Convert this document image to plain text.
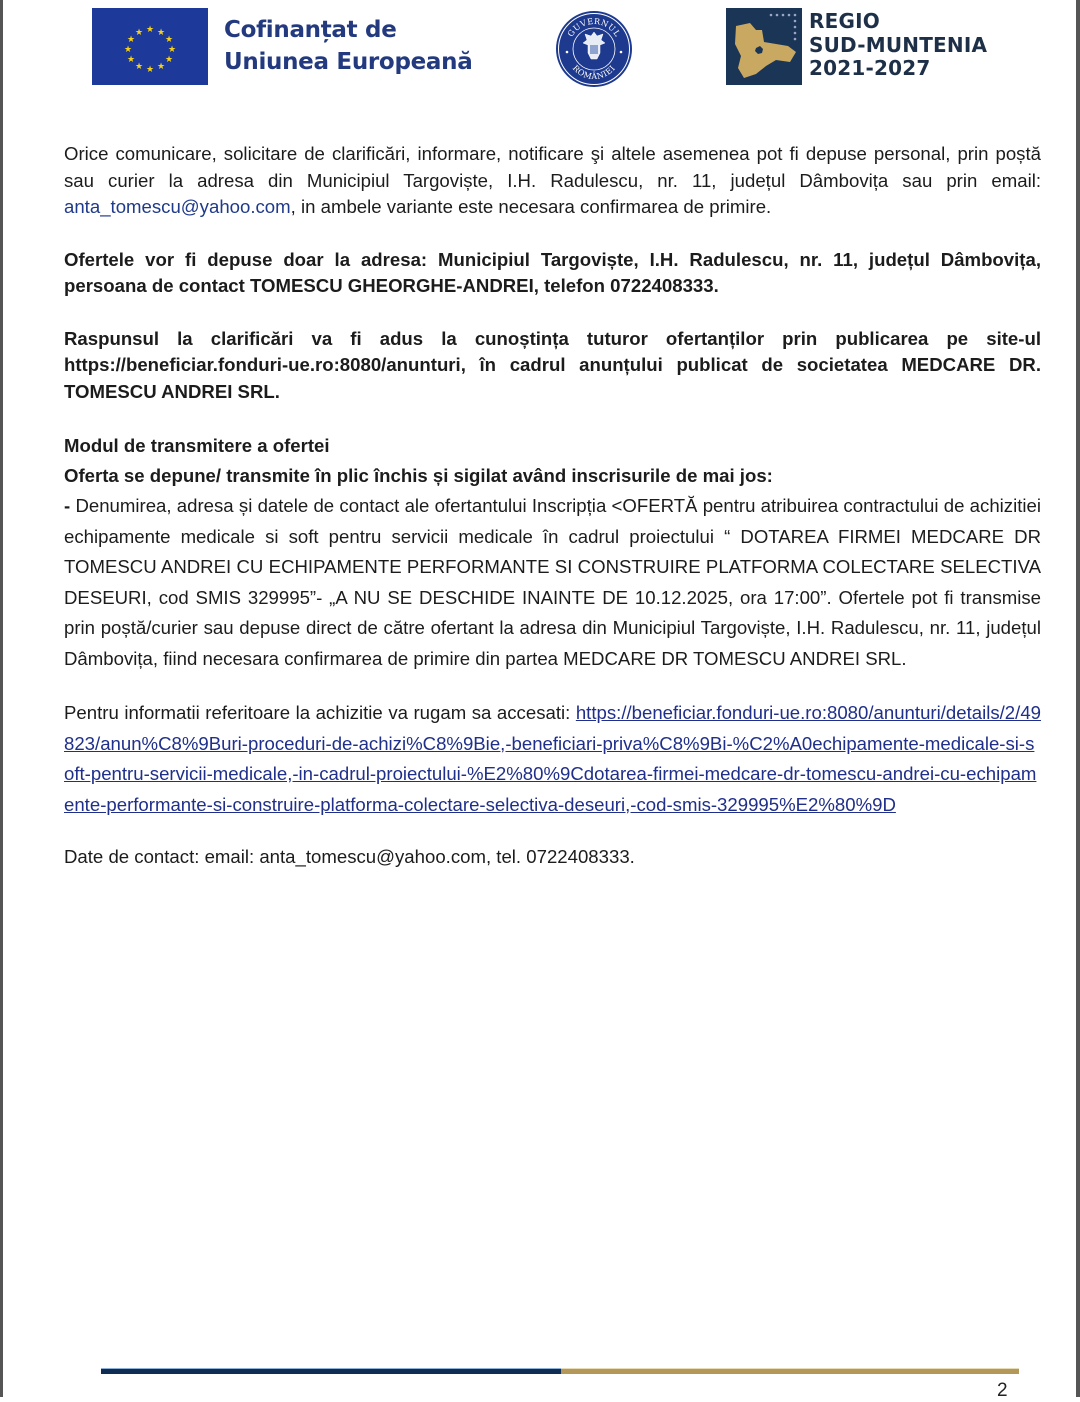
★ ★
★
★
★
★
★
★
★
★
★
★	Cofinanțat de
Uniunea Europeană
GUVERNUL
ROMÂNIEI
REGIO
SUD-MUNTENIA
2021-2027

Orice comunicare, solicitare de clarificări, informare, notificare şi altele asemenea pot fi depuse personal, prin poștă sau curier la adresa din Municipiul Targoviște, I.H. Radulescu, nr. 11, județul Dâmbovița sau prin email: anta_tomescu@yahoo.com, in ambele variante este necesara confirmarea de primire.

Ofertele vor fi depuse doar la adresa: Municipiul Targoviște, I.H. Radulescu, nr. 11, județul Dâmbovița, persoana de contact TOMESCU GHEORGHE-ANDREI, telefon 0722408333.

Raspunsul la clarificări va fi adus la cunoștința tuturor ofertanților prin publicarea pe site-ul https://beneficiar.fonduri-ue.ro:8080/anunturi, în cadrul anunțului publicat de societatea MEDCARE DR. TOMESCU ANDREI SRL.

Modul de transmitere a ofertei

Oferta se depune/ transmite în plic închis și sigilat având inscrisurile de mai jos:

- Denumirea, adresa și datele de contact ale ofertantului Inscripția <OFERTĂ pentru atribuirea contractului de achizitiei echipamente medicale si soft pentru servicii medicale în cadrul proiectului “ DOTAREA FIRMEI MEDCARE DR TOMESCU ANDREI CU ECHIPAMENTE PERFORMANTE SI CONSTRUIRE PLATFORMA COLECTARE SELECTIVA DESEURI, cod SMIS 329995”- „A NU SE DESCHIDE INAINTE DE 10.12.2025, ora 17:00”. Ofertele pot fi transmise prin poștă/curier sau depuse direct de către ofertant la adresa din Municipiul Targoviște, I.H. Radulescu, nr. 11, județul Dâmbovița, fiind necesara confirmarea de primire din partea MEDCARE DR TOMESCU ANDREI SRL.

Pentru informatii referitoare la achizitie va rugam sa accesati: https://beneficiar.fonduri-ue.ro:8080/anunturi/details/2/49823/anun%C8%9Buri-proceduri-de-achizi%C8%9Bie,-beneficiari-priva%C8%9Bi-%C2%A0echipamente-medicale-si-soft-pentru-servicii-medicale,-in-cadrul-proiectului-%E2%80%9Cdotarea-firmei-medcare-dr-tomescu-andrei-cu-echipamente-performante-si-construire-platforma-colectare-selectiva-deseuri,-cod-smis-329995%E2%80%9D

Date de contact: email: anta_tomescu@yahoo.com, tel. 0722408333.

2
